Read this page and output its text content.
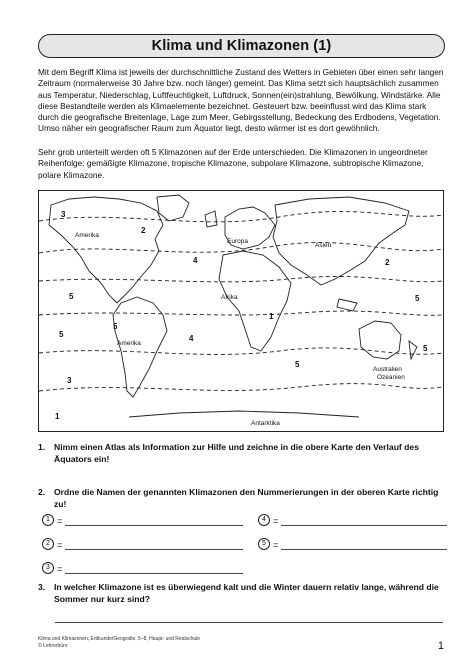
Klima und Klimazonen (1)

Mit dem Begriff Klima ist jeweils der durchschnittliche Zustand des Wetters in Gebieten über einen sehr langen Zeitraum (normalerweise 30 Jahre bzw. noch länger) gemeint. Das Klima setzt sich hauptsächlich zusammen aus Temperatur, Niederschlag, Luftfeuchtigkeit, Luftdruck, Sonnen(ein)strahlung, Bewölkung, Windstärke. Alle diese Bestandteile werden als Klimaelemente bezeichnet. Gesteuert bzw. beeinflusst wird das Klima stark durch die geografische Breitenlage, Lage zum Meer, Gebirgsstellung, Bedeckung des Erdbodens, Vegetation. Umso näher ein geografischer Raum zum Äquator liegt, desto wärmer ist es dort gewöhnlich.

Sehr grob unterteilt werden oft 5 Klimazonen auf der Erde unterschieden. Die Klimazonen in ungeordneter Reihenfolge: gemäßigte Klimazone, tropische Klimazone, subpolare Klimazone, subtropische Klimazone, polare Klimazone.

Amerika
Europa
Asien
Afrika
Amerika
Australien
Ozeanien
Antarktika
3
2
4
5
1
4
5
5
2
5
5
5
3
1
1. Nimm einen Atlas als Information zur Hilfe und zeichne in die obere Karte den Verlauf des Äquators ein!
2. Ordne die Namen der genannten Klimazonen den Nummerierungen in der oberen Karte richtig zu!
1 =	4 =
2 =	5 =
3 =
3. In welcher Klimazone ist es überwiegend kalt und die Winter dauern relativ lange, während die Sommer nur kurz sind?
Klima und Klimazonen, Erdkunde/Geografie, 5–8, Haupt- und Realschule
© Lehrerbüro	1
